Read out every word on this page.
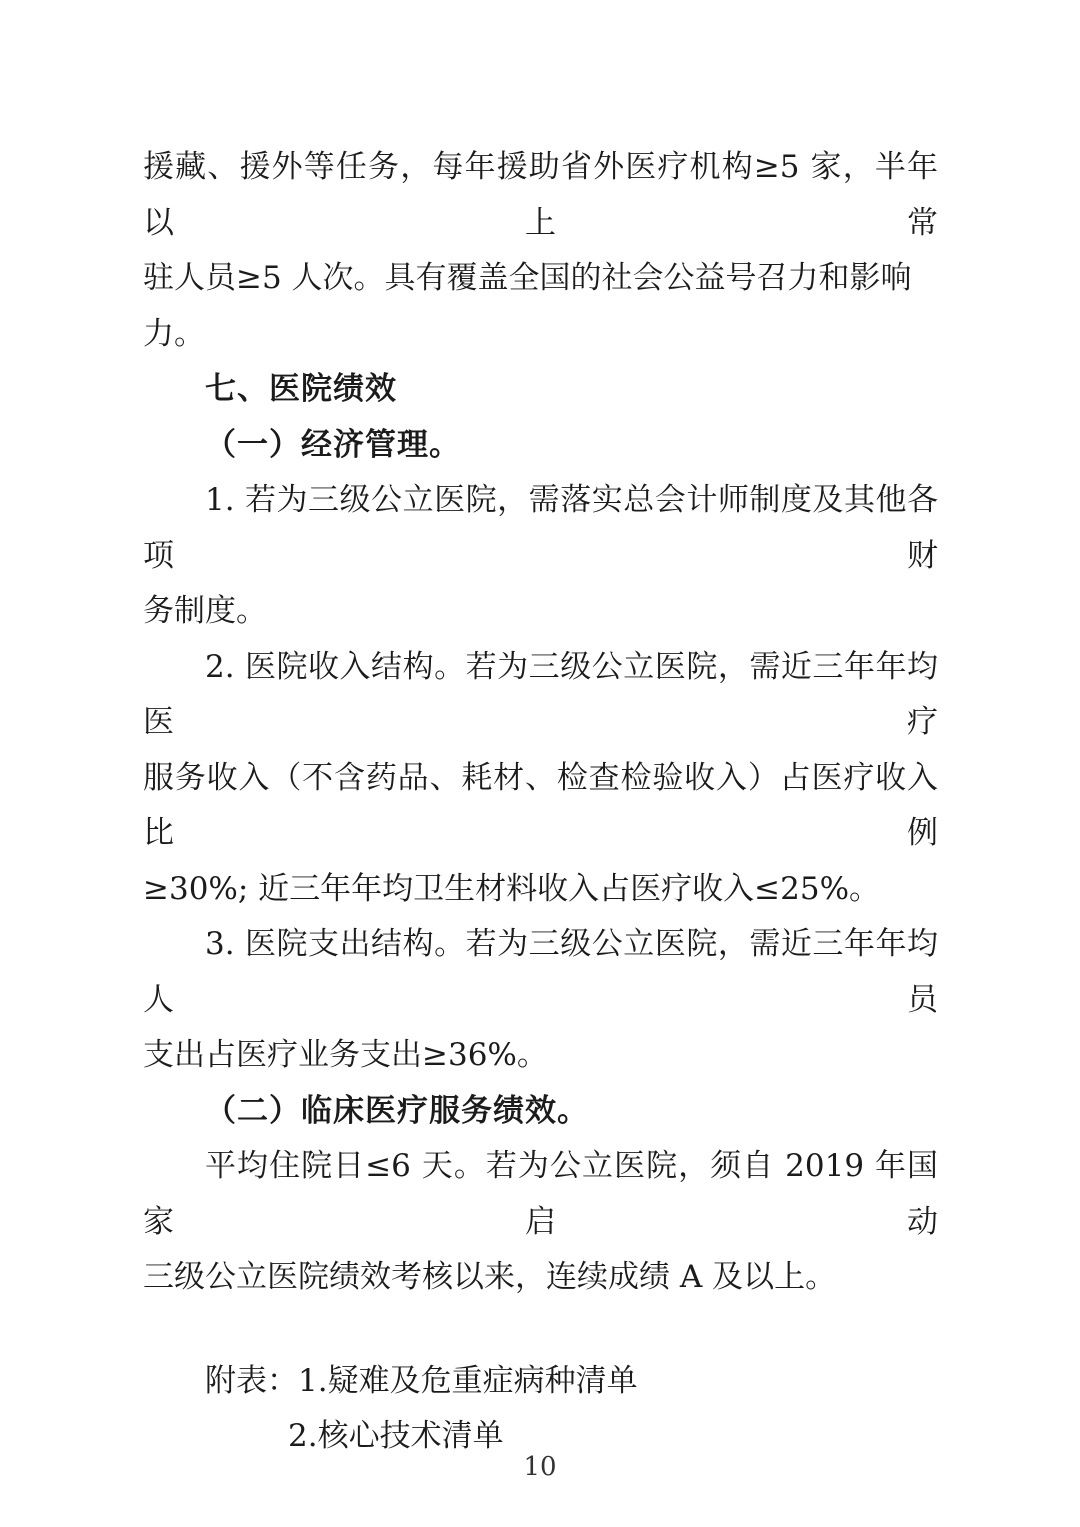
援藏、援外等任务，每年援助省外医疗机构≥5 家，半年以上常
驻人员≥5 人次。具有覆盖全国的社会公益号召力和影响力。
七、医院绩效
（一）经济管理。
1. 若为三级公立医院，需落实总会计师制度及其他各项财
务制度。
2. 医院收入结构。若为三级公立医院，需近三年年均医疗
服务收入（不含药品、耗材、检查检验收入）占医疗收入比例
≥30%; 近三年年均卫生材料收入占医疗收入≤25%。
3. 医院支出结构。若为三级公立医院，需近三年年均人员
支出占医疗业务支出≥36%。
（二）临床医疗服务绩效。
平均住院日≤6 天。若为公立医院，须自 2019 年国家启动
三级公立医院绩效考核以来，连续成绩 A 及以上。
附表：1.疑难及危重症病种清单
2.核心技术清单
10
